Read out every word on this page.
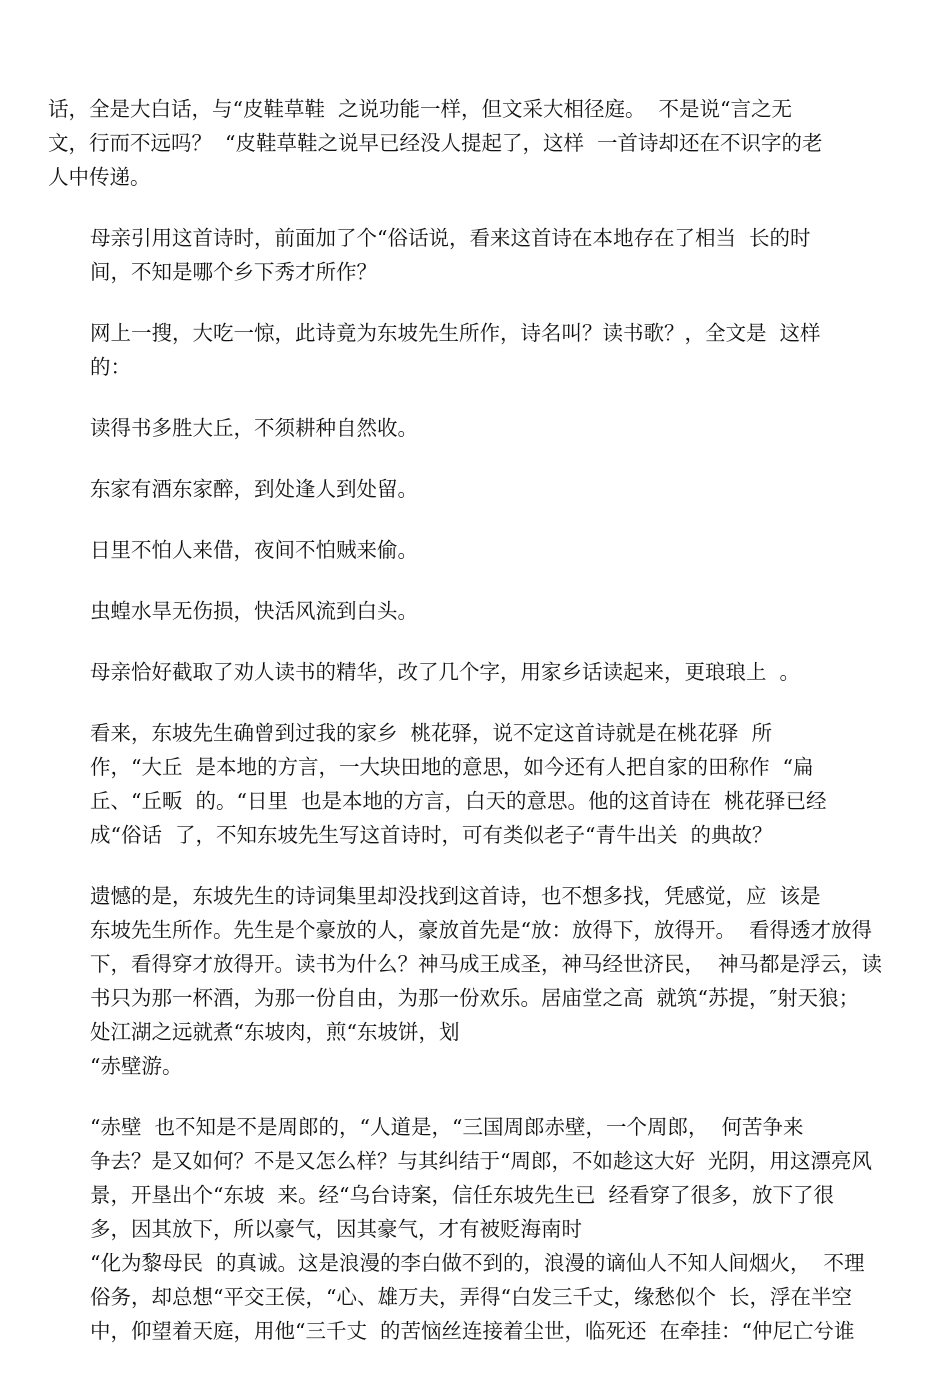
话，全是大白话，与“皮鞋草鞋  之说功能一样，但文采大相径庭。  不是说“言之无
文，行而不远吗？  “皮鞋草鞋之说早已经没人提起了，这样  一首诗却还在不识字的老
人中传递。
母亲引用这首诗时，前面加了个“俗话说，看来这首诗在本地存在了相当  长的时
间，不知是哪个乡下秀才所作？
网上一搜，大吃一惊，此诗竟为东坡先生所作，诗名叫？读书歌？，全文是  这样
的：
读得书多胜大丘，不须耕种自然收。
东家有酒东家醉，到处逢人到处留。
日里不怕人来借，夜间不怕贼来偷。
虫蝗水旱无伤损，快活风流到白头。
母亲恰好截取了劝人读书的精华，改了几个字，用家乡话读起来，更琅琅上  。
看来，东坡先生确曾到过我的家乡  桃花驿，说不定这首诗就是在桃花驿  所
作，“大丘  是本地的方言，一大块田地的意思，如今还有人把自家的田称作  “扁
丘、“丘畈  的。“日里  也是本地的方言，白天的意思。他的这首诗在  桃花驿已经
成“俗话  了，不知东坡先生写这首诗时，可有类似老子“青牛出关  的典故？
遗憾的是，东坡先生的诗词集里却没找到这首诗，也不想多找，凭感觉，应  该是
东坡先生所作。先生是个豪放的人，豪放首先是“放：放得下，放得开。  看得透才放得
下，看得穿才放得开。读书为什么？神马成王成圣，神马经世济民，  神马都是浮云，读
书只为那一杯酒，为那一份自由，为那一份欢乐。居庙堂之高  就筑“苏提，″射天狼；
处江湖之远就煮“东坡肉，煎“东坡饼，划
“赤壁游。
“赤壁  也不知是不是周郎的，“人道是，“三国周郎赤壁，一个周郎，  何苦争来
争去？是又如何？不是又怎么样？与其纠结于“周郎，不如趁这大好  光阴，用这漂亮风
景，开垦出个“东坡  来。经“乌台诗案，信任东坡先生已  经看穿了很多，放下了很
多，因其放下，所以豪气，因其豪气，才有被贬海南时
“化为黎母民  的真诚。这是浪漫的李白做不到的，浪漫的谪仙人不知人间烟火，  不理
俗务，却总想“平交王侯，“心、雄万夫，弄得“白发三千丈，缘愁似个  长，浮在半空
中，仰望着天庭，用他“三千丈  的苦恼丝连接着尘世，临死还  在牵挂：“仲尼亡兮谁
